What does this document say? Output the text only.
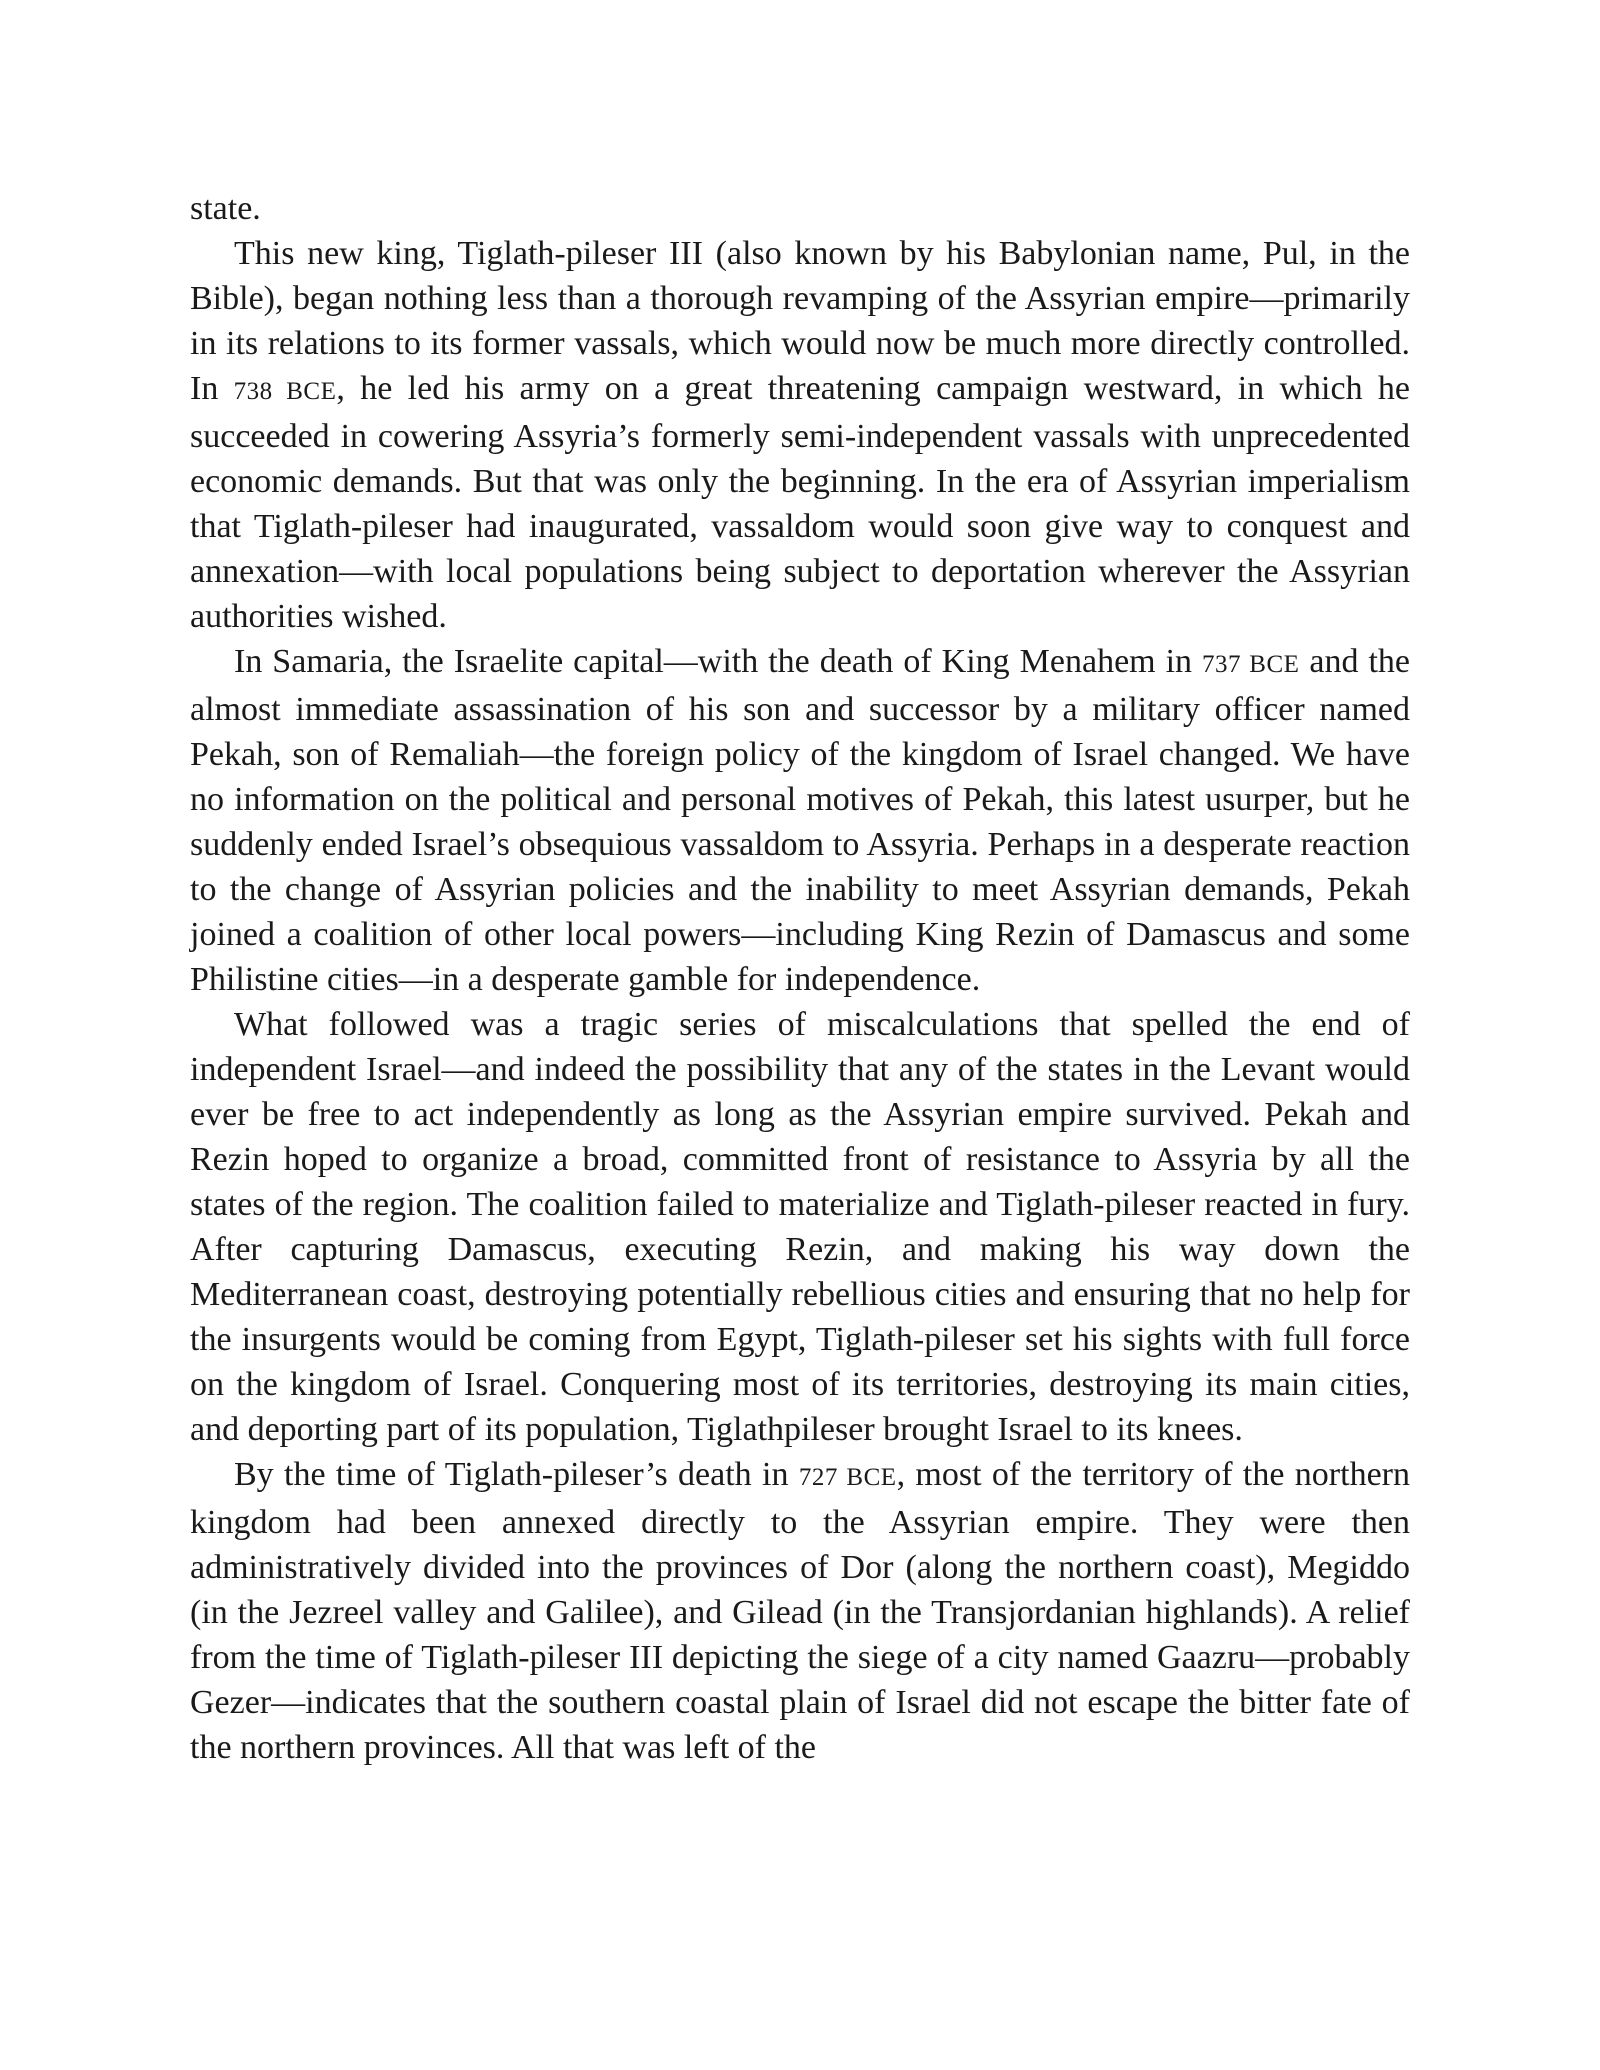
state.

This new king, Tiglath-pileser III (also known by his Babylonian name, Pul, in the Bible), began nothing less than a thorough revamping of the Assyrian empire—primarily in its relations to its former vassals, which would now be much more directly controlled. In 738 BCE, he led his army on a great threatening campaign westward, in which he succeeded in cowering Assyria’s formerly semi-independent vassals with unprecedented economic demands. But that was only the beginning. In the era of Assyrian imperialism that Tiglath-pileser had inaugurated, vassaldom would soon give way to conquest and annexation—with local populations being subject to deportation wherever the Assyrian authorities wished.

In Samaria, the Israelite capital—with the death of King Menahem in 737 BCE and the almost immediate assassination of his son and successor by a military officer named Pekah, son of Remaliah—the foreign policy of the kingdom of Israel changed. We have no information on the political and personal motives of Pekah, this latest usurper, but he suddenly ended Israel’s obsequious vassaldom to Assyria. Perhaps in a desperate reaction to the change of Assyrian policies and the inability to meet Assyrian demands, Pekah joined a coalition of other local powers—including King Rezin of Damascus and some Philistine cities—in a desperate gamble for independence.

What followed was a tragic series of miscalculations that spelled the end of independent Israel—and indeed the possibility that any of the states in the Levant would ever be free to act independently as long as the Assyrian empire survived. Pekah and Rezin hoped to organize a broad, committed front of resistance to Assyria by all the states of the region. The coalition failed to materialize and Tiglath-pileser reacted in fury. After capturing Damascus, executing Rezin, and making his way down the Mediterranean coast, destroying potentially rebellious cities and ensuring that no help for the insurgents would be coming from Egypt, Tiglath-pileser set his sights with full force on the kingdom of Israel. Conquering most of its territories, destroying its main cities, and deporting part of its population, Tiglathpileser brought Israel to its knees.

By the time of Tiglath-pileser’s death in 727 BCE, most of the territory of the northern kingdom had been annexed directly to the Assyrian empire. They were then administratively divided into the provinces of Dor (along the northern coast), Megiddo (in the Jezreel valley and Galilee), and Gilead (in the Transjordanian highlands). A relief from the time of Tiglath-pileser III depicting the siege of a city named Gaazru—probably Gezer—indicates that the southern coastal plain of Israel did not escape the bitter fate of the northern provinces. All that was left of the
